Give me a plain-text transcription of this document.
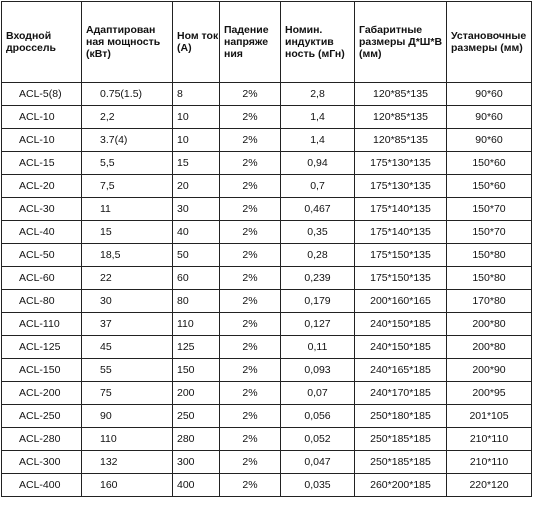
Входной дроссель	Адаптирован ная мощность (кВт)	Ном ток (А)	Падение напряже ния	Номин. индуктив ность (мГн)	Габаритные размеры Д*Ш*В (мм)	Установочные размеры (мм)
ACL-5(8)	0.75(1.5)	8	2%	2,8	120*85*135	90*60
ACL-10	2,2	10	2%	1,4	120*85*135	90*60
ACL-10	3.7(4)	10	2%	1,4	120*85*135	90*60
ACL-15	5,5	15	2%	0,94	175*130*135	150*60
ACL-20	7,5	20	2%	0,7	175*130*135	150*60
ACL-30	11	30	2%	0,467	175*140*135	150*70
ACL-40	15	40	2%	0,35	175*140*135	150*70
ACL-50	18,5	50	2%	0,28	175*150*135	150*80
ACL-60	22	60	2%	0,239	175*150*135	150*80
ACL-80	30	80	2%	0,179	200*160*165	170*80
ACL-110	37	110	2%	0,127	240*150*185	200*80
ACL-125	45	125	2%	0,11	240*150*185	200*80
ACL-150	55	150	2%	0,093	240*165*185	200*90
ACL-200	75	200	2%	0,07	240*170*185	200*95
ACL-250	90	250	2%	0,056	250*180*185	201*105
ACL-280	110	280	2%	0,052	250*185*185	210*110
ACL-300	132	300	2%	0,047	250*185*185	210*110
ACL-400	160	400	2%	0,035	260*200*185	220*120
